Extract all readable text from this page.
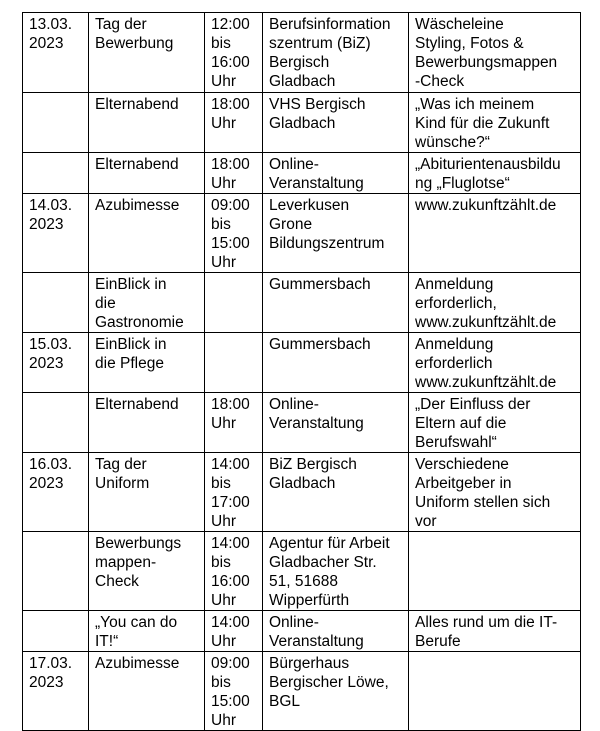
13.03.
2023	Tag der
Bewerbung	12:00
bis
16:00
Uhr	Berufsinformation
szentrum (BiZ)
Bergisch
Gladbach	Wäscheleine
Styling, Fotos &
Bewerbungsmappen
-Check
	Elternabend	18:00
Uhr	VHS Bergisch
Gladbach	„Was ich meinem
Kind für die Zukunft
wünsche?“
	Elternabend	18:00
Uhr	Online-
Veranstaltung	„Abiturientenausbildu
ng „Fluglotse“
14.03.
2023	Azubimesse	09:00
bis
15:00
Uhr	Leverkusen
Grone
Bildungszentrum	www.zukunftzählt.de
	EinBlick in
die
Gastronomie		Gummersbach	Anmeldung
erforderlich,
www.zukunftzählt.de
15.03.
2023	EinBlick in
die Pflege		Gummersbach	Anmeldung
erforderlich
www.zukunftzählt.de
	Elternabend	18:00
Uhr	Online-
Veranstaltung	„Der Einfluss der
Eltern auf die
Berufswahl“
16.03.
2023	Tag der
Uniform	14:00
bis
17:00
Uhr	BiZ Bergisch
Gladbach	Verschiedene
Arbeitgeber in
Uniform stellen sich
vor
	Bewerbungs
mappen-
Check	14:00
bis
16:00
Uhr	Agentur für Arbeit
Gladbacher Str.
51, 51688
Wipperfürth	
	„You can do
IT!“	14:00
Uhr	Online-
Veranstaltung	Alles rund um die IT-
Berufe
17.03.
2023	Azubimesse	09:00
bis
15:00
Uhr	Bürgerhaus
Bergischer Löwe,
BGL	
